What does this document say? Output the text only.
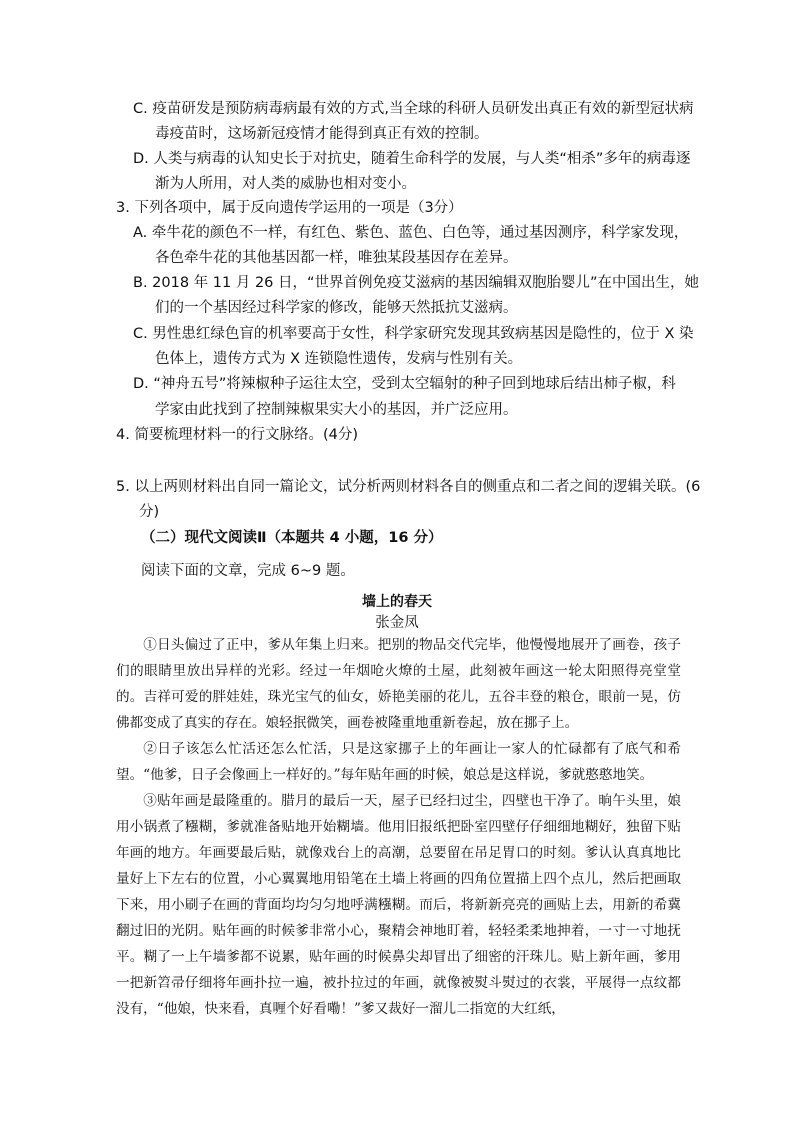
C. 疫苗研发是预防病毒病最有效的方式,当全球的科研人员研发出真正有效的新型冠状病
毒疫苗时，这场新冠疫情才能得到真正有效的控制。
D. 人类与病毒的认知史长于对抗史，随着生命科学的发展，与人类“相杀”多年的病毒逐
渐为人所用，对人类的威胁也相对变小。
3. 下列各项中，属于反向遗传学运用的一项是（3分）
A. 牵牛花的颜色不一样，有红色、紫色、蓝色、白色等，通过基因测序，科学家发现，
各色牵牛花的其他基因都一样，唯独某段基因存在差异。
B. 2018 年 11 月 26 日，“世界首例免疫艾滋病的基因编辑双胞胎婴儿”在中国出生，她
们的一个基因经过科学家的修改，能够天然抵抗艾滋病。
C. 男性患红绿色盲的机率要高于女性，科学家研究发现其致病基因是隐性的，位于 X 染
色体上，遗传方式为 X 连锁隐性遗传，发病与性别有关。
D. “神舟五号”将辣椒种子运往太空，受到太空辐射的种子回到地球后结出柿子椒，科
学家由此找到了控制辣椒果实大小的基因，并广泛应用。
4. 简要梳理材料一的行文脉络。(4分)
5. 以上两则材料出自同一篇论文，试分析两则材料各自的侧重点和二者之间的逻辑关联。(6
分)
（二）现代文阅读Ⅱ（本题共 4 小题，16 分）
阅读下面的文章，完成 6~9 题。
墙上的春天
张金凤

①日头偏过了正中，爹从年集上归来。把别的物品交代完毕，他慢慢地展开了画卷，孩子们的眼睛里放出异样的光彩。经过一年烟呛火燎的土屋，此刻被年画这一轮太阳照得亮堂堂的。吉祥可爱的胖娃娃，珠光宝气的仙女，娇艳美丽的花儿，五谷丰登的粮仓，眼前一晃，仿佛都变成了真实的存在。娘轻抿微笑，画卷被隆重地重新卷起，放在挪子上。

②日子该怎么忙活还怎么忙活，只是这家挪子上的年画让一家人的忙碌都有了底气和希望。“他爹，日子会像画上一样好的。”每年贴年画的时候，娘总是这样说，爹就憨憨地笑。

③贴年画是最隆重的。腊月的最后一天，屋子已经扫过尘，四壁也干净了。晌午头里，娘用小锅煮了糨糊，爹就准备贴地开始糊墙。他用旧报纸把卧室四壁仔仔细细地糊好，独留下贴年画的地方。年画要最后贴，就像戏台上的高潮，总要留在吊足胃口的时刻。爹认认真真地比量好上下左右的位置，小心翼翼地用铅笔在土墙上将画的四角位置描上四个点儿，然后把画取下来，用小刷子在画的背面均均匀匀地呼满糨糊。而后，将新新亮亮的画贴上去，用新的希冀翻过旧的光阴。贴年画的时候爹非常小心，聚精会神地盯着，轻轻柔柔地抻着，一寸一寸地抚平。糊了一上午墙爹都不说累，贴年画的时候鼻尖却冒出了细密的汗珠儿。贴上新年画，爹用一把新笤帚仔细将年画扑拉一遍，被扑拉过的年画，就像被熨斗熨过的衣裳，平展得一点纹都没有，“他娘，快来看，真喱个好看嘞！”爹又裁好一溜儿二指宽的大红纸，
